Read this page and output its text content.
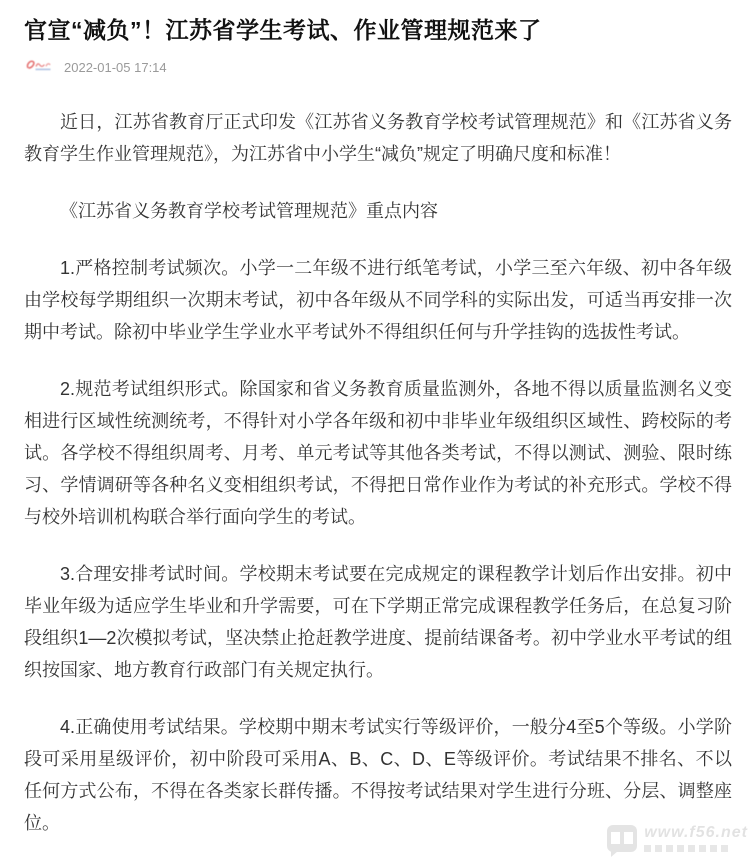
www.f56.net
官宣“减负”！江苏省学生考试、作业管理规范来了
2022-01-05 17:14

近日，江苏省教育厅正式印发《江苏省义务教育学校考试管理规范》和《江苏省义务教育学生作业管理规范》，为江苏省中小学生“减负”规定了明确尺度和标准！

《江苏省义务教育学校考试管理规范》重点内容

1.严格控制考试频次。小学一二年级不进行纸笔考试，小学三至六年级、初中各年级由学校每学期组织一次期末考试，初中各年级从不同学科的实际出发，可适当再安排一次期中考试。除初中毕业学生学业水平考试外不得组织任何与升学挂钩的选拔性考试。

2.规范考试组织形式。除国家和省义务教育质量监测外，各地不得以质量监测名义变相进行区域性统测统考，不得针对小学各年级和初中非毕业年级组织区域性、跨校际的考试。各学校不得组织周考、月考、单元考试等其他各类考试，不得以测试、测验、限时练习、学情调研等各种名义变相组织考试，不得把日常作业作为考试的补充形式。学校不得与校外培训机构联合举行面向学生的考试。

3.合理安排考试时间。学校期末考试要在完成规定的课程教学计划后作出安排。初中毕业年级为适应学生毕业和升学需要，可在下学期正常完成课程教学任务后，在总复习阶段组织1—2次模拟考试，坚决禁止抢赶教学进度、提前结课备考。初中学业水平考试的组织按国家、地方教育行政部门有关规定执行。

4.正确使用考试结果。学校期中期末考试实行等级评价，一般分4至5个等级。小学阶段可采用星级评价，初中阶段可采用A、B、C、D、E等级评价。考试结果不排名、不以任何方式公布，不得在各类家长群传播。不得按考试结果对学生进行分班、分层、调整座位。
